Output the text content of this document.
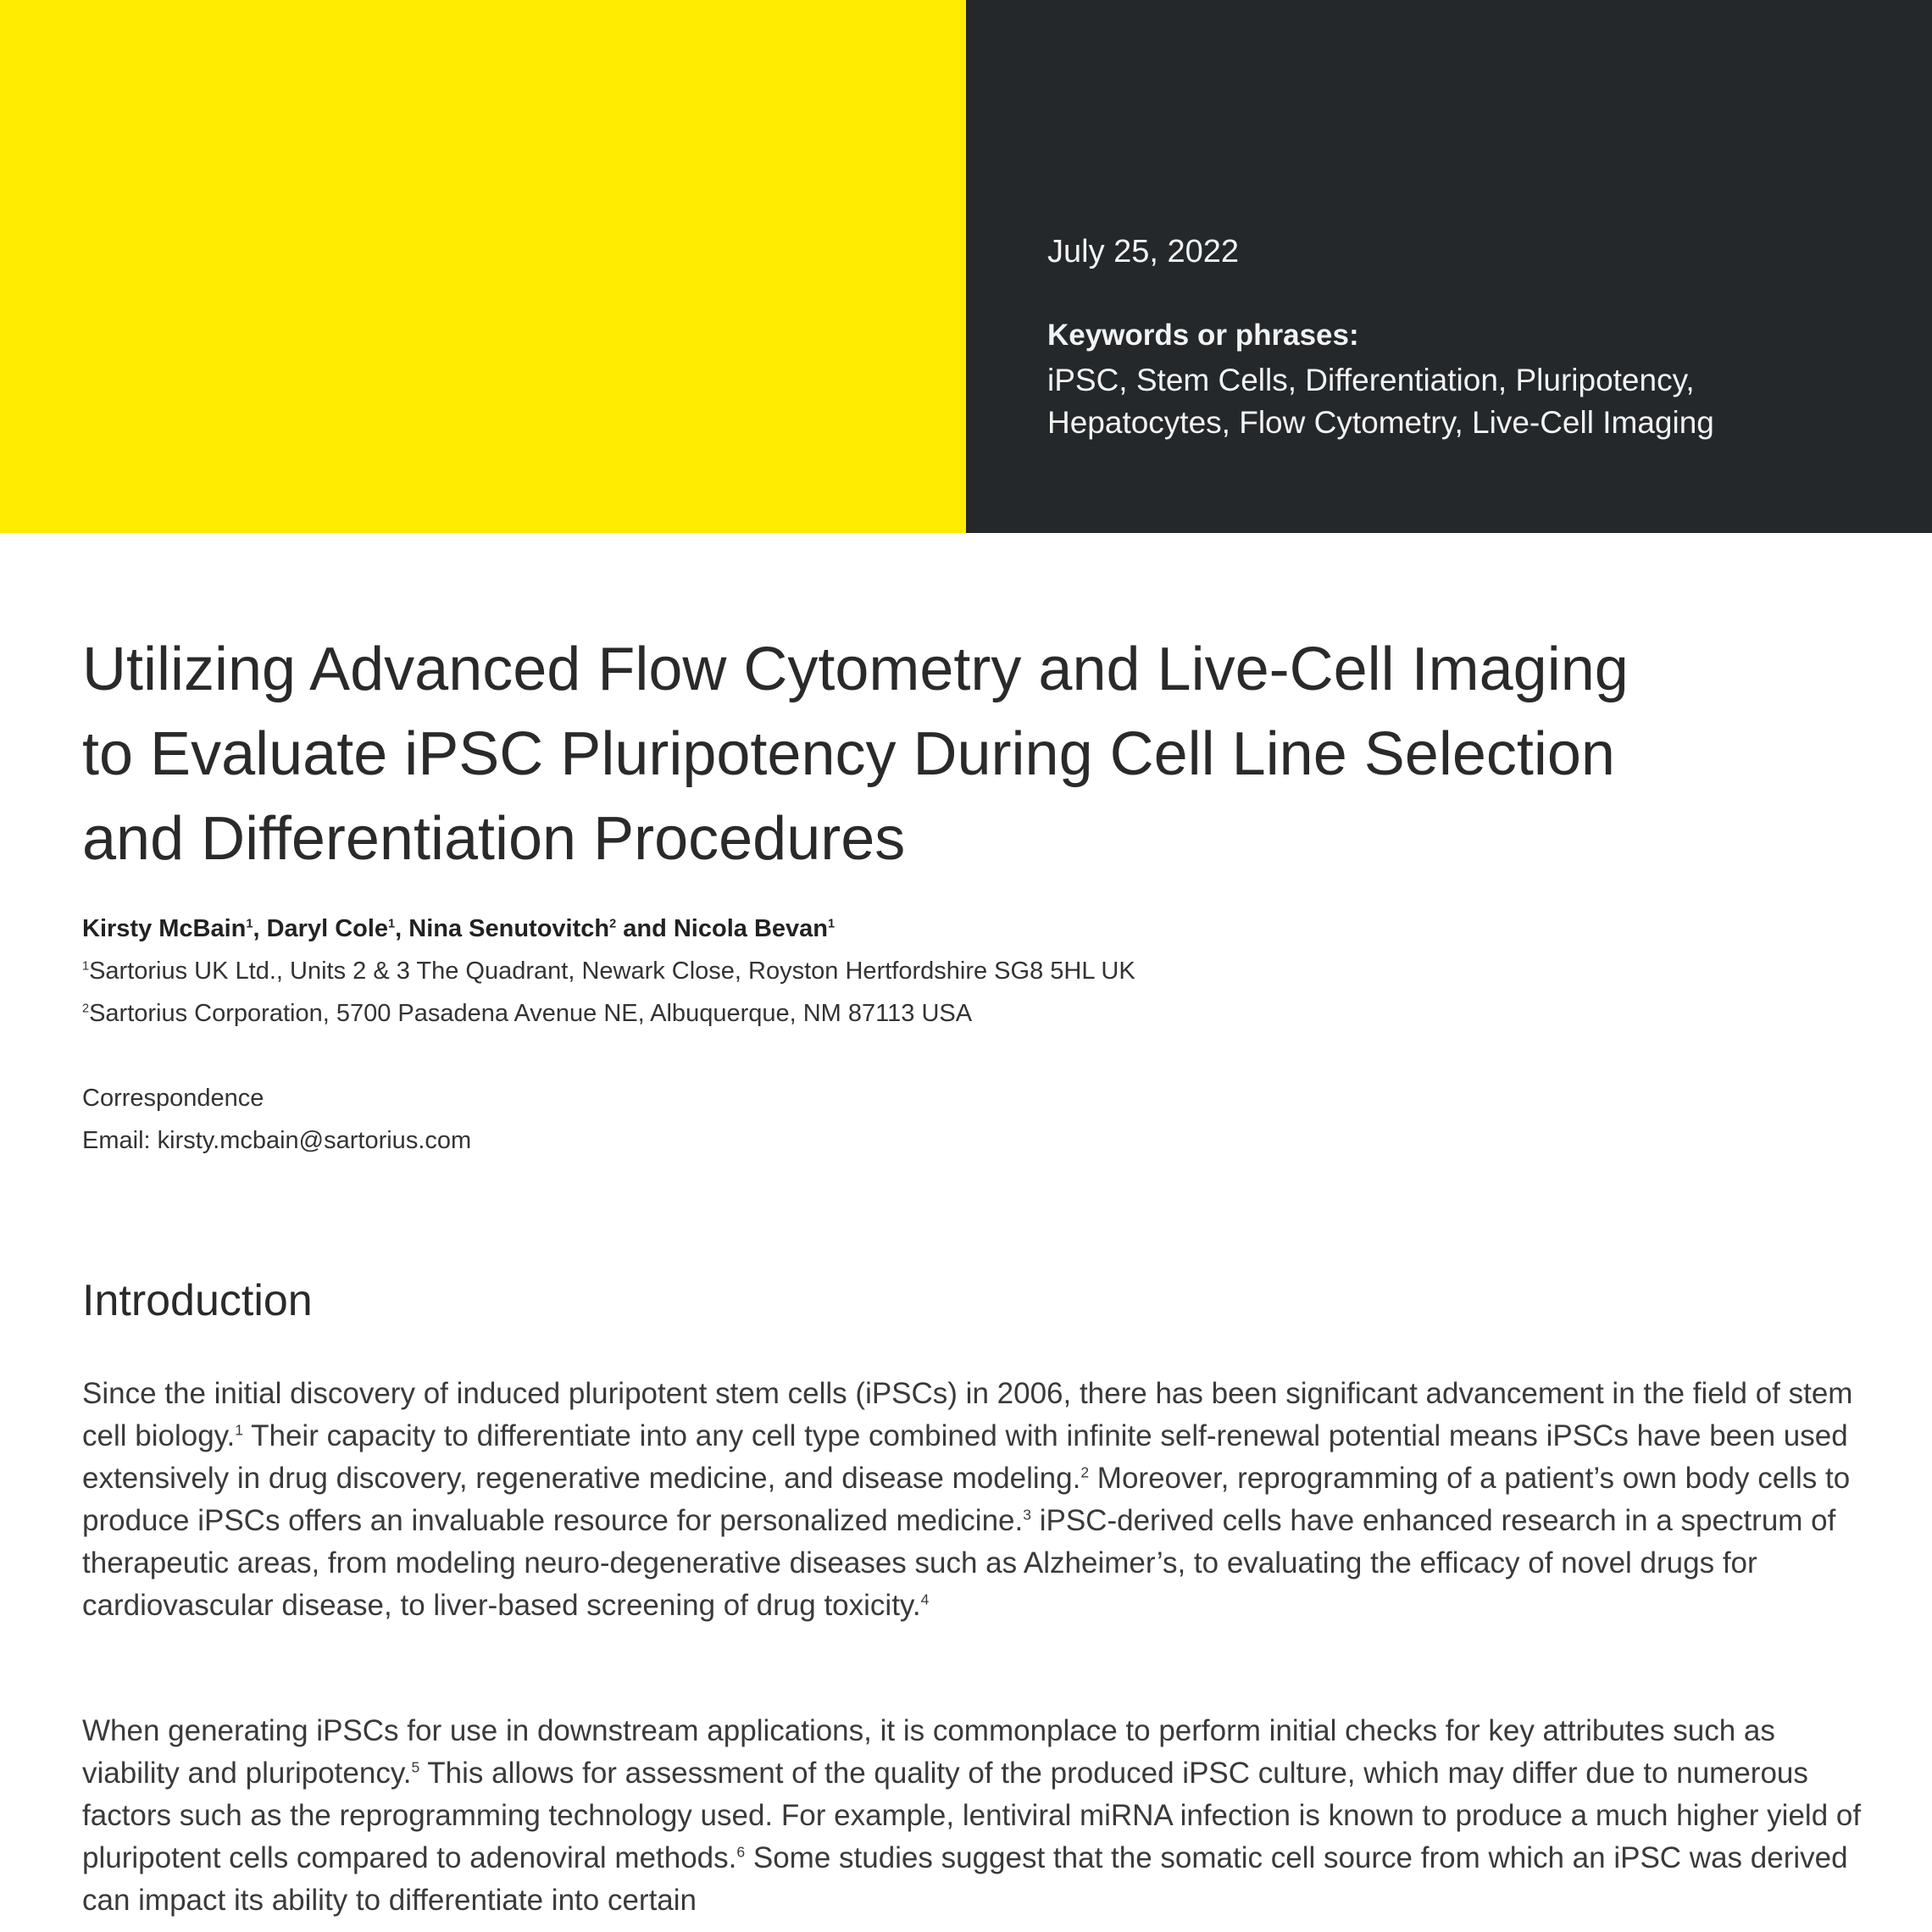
July 25, 2022
Keywords or phrases:
iPSC, Stem Cells, Differentiation, Pluripotency,
Hepatocytes, Flow Cytometry, Live-Cell Imaging
Utilizing Advanced Flow Cytometry and Live-Cell Imaging
to Evaluate iPSC Pluripotency During Cell Line Selection
and Differentiation Procedures
Kirsty McBain$^1$, Daryl Cole$^1$, Nina Senutovitch$^2$ and Nicola Bevan$^1$
$^1$Sartorius UK Ltd., Units 2 & 3 The Quadrant, Newark Close, Royston Hertfordshire SG8 5HL UK
$^2$Sartorius Corporation, 5700 Pasadena Avenue NE, Albuquerque, NM 87113 USA
Correspondence
Email: kirsty.mcbain@sartorius.com
Introduction

Since the initial discovery of induced pluripotent stem cells (iPSCs) in 2006, there has been significant advancement in the field of stem cell biology.$^1$ Their capacity to differentiate into any cell type combined with infinite self-renewal potential means iPSCs have been used extensively in drug discovery, regenerative medicine, and disease modeling.$^2$ Moreover, reprogramming of a patient’s own body cells to produce iPSCs offers an invaluable resource for personalized medicine.$^3$ iPSC-derived cells have enhanced research in a spectrum of therapeutic areas, from modeling neuro-degenerative diseases such as Alzheimer’s, to evaluating the efficacy of novel drugs for cardiovascular disease, to liver-based screening of drug toxicity.$^4$

When generating iPSCs for use in downstream applications, it is commonplace to perform initial checks for key attributes such as viability and pluripotency.$^5$ This allows for assessment of the quality of the produced iPSC culture, which may differ due to numerous factors such as the reprogramming technology used. For example, lentiviral miRNA infection is known to produce a much higher yield of pluripotent cells compared to adenoviral methods.$^6$ Some studies suggest that the somatic cell source from which an iPSC was derived can impact its ability to differentiate into certain
